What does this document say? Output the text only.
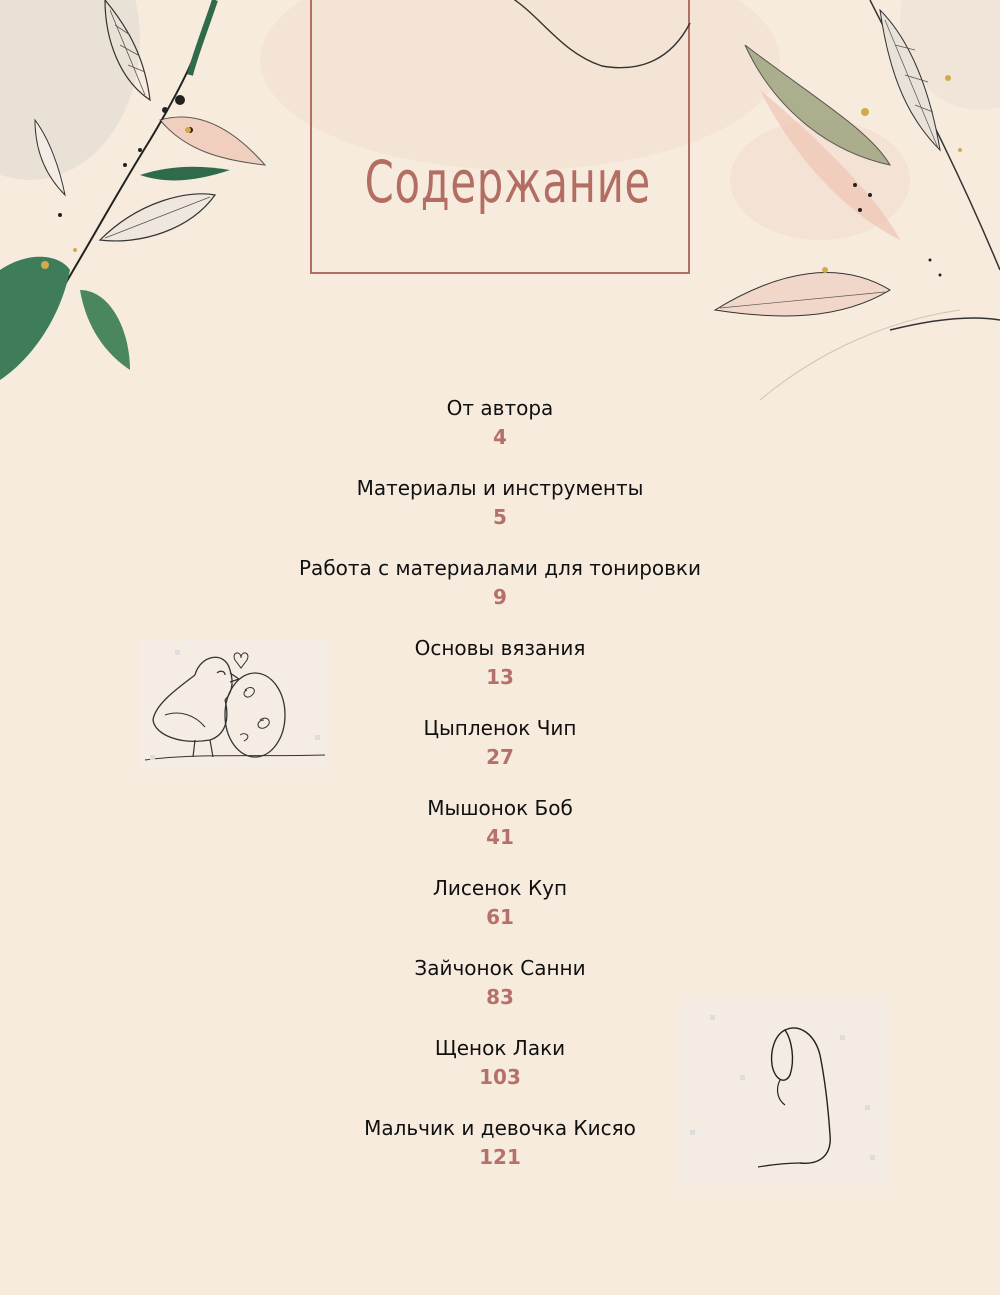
Содержание
От автора
4
Материалы и инструменты
5
Работа с материалами для тонировки
9
Основы вязания
13
Цыпленок Чип
27
Мышонок Боб
41
Лисенок Куп
61
Зайчонок Санни
83
Щенок Лаки
103
Мальчик и девочка Кисяо
121
